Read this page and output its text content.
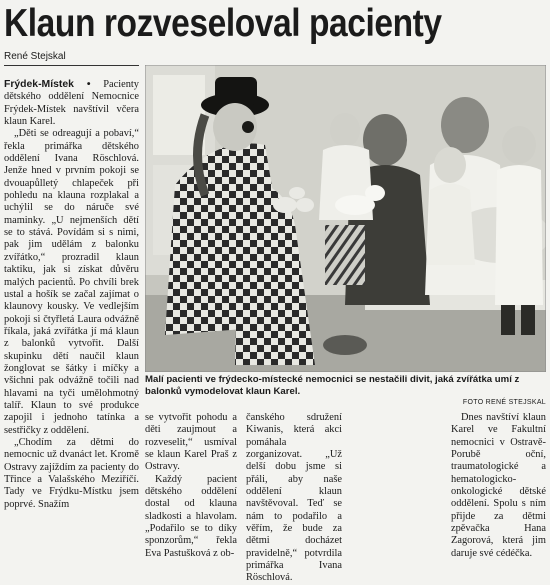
Klaun rozveseloval pacienty
René Stejskal

Frýdek-Místek • Pacienty dětského oddělení Nemocnice Frýdek-Místek navštívil včera klaun Karel.

„Děti se odreagují a pobaví,“ řekla primářka dětského oddělení Ivana Röschlová. Jenže hned v prvním pokoji se dvouapůlletý chlapeček při pohledu na klauna rozplakal a uchýlil se do náruče své maminky. „U nejmenších dětí se to stává. Povídám si s nimi, pak jim udělám z balonku zvířátko,“ prozradil klaun taktiku, jak si získat důvěru malých pacientů. Po chvíli brek ustal a hošík se začal zajímat o klaunovy kousky. Ve vedlejším pokoji si čtyřletá Laura odvážně říkala, jaká zvířátka jí má klaun z balonků vytvořit. Další skupinku dětí naučil klaun žonglovat se šátky i míčky a všichni pak odvážně točili nad hlavami na tyči umělohmotný talíř. Klaun to své produkce zapojil i jednoho tatínka a sestřičky z oddělení.

„Chodím za dětmi do nemocnic už dvanáct let. Kromě Ostravy zajíždím za pacienty do Třince a Valašského Meziříčí. Tady ve Frýdku-Místku jsem poprvé. Snažím

Malí pacienti ve frýdecko-místecké nemocnici se nestačili divit, jaká zvířátka umí z balonků vymodelovat klaun Karel.
FOTO RENÉ STEJSKAL

se vytvořit pohodu a děti zaujmout a rozveselit,“ usmíval se klaun Karel Praš z Ostravy.

Každý pacient dětského oddělení dostal od klauna sladkosti a hlavolam. „Podařilo se to díky sponzorům,“ řekla Eva Pastušková z ob-

čanského sdružení Kiwanis, která akci pomáhala zorganizovat. „Už delší dobu jsme si přáli, aby naše oddělení klaun navštěvoval. Teď se nám to podařilo a věřím, že bude za dětmi docházet pravidelně,“ potvrdila primářka Ivana Röschlová.

Dnes navštíví klaun Karel ve Fakultní nemocnici v Ostravě-Porubě oční, traumatologické a hematologicko-onkologické dětské oddělení. Spolu s ním přijde za dětmi zpěvačka Hana Zagorová, která jim daruje své cédéčka.
